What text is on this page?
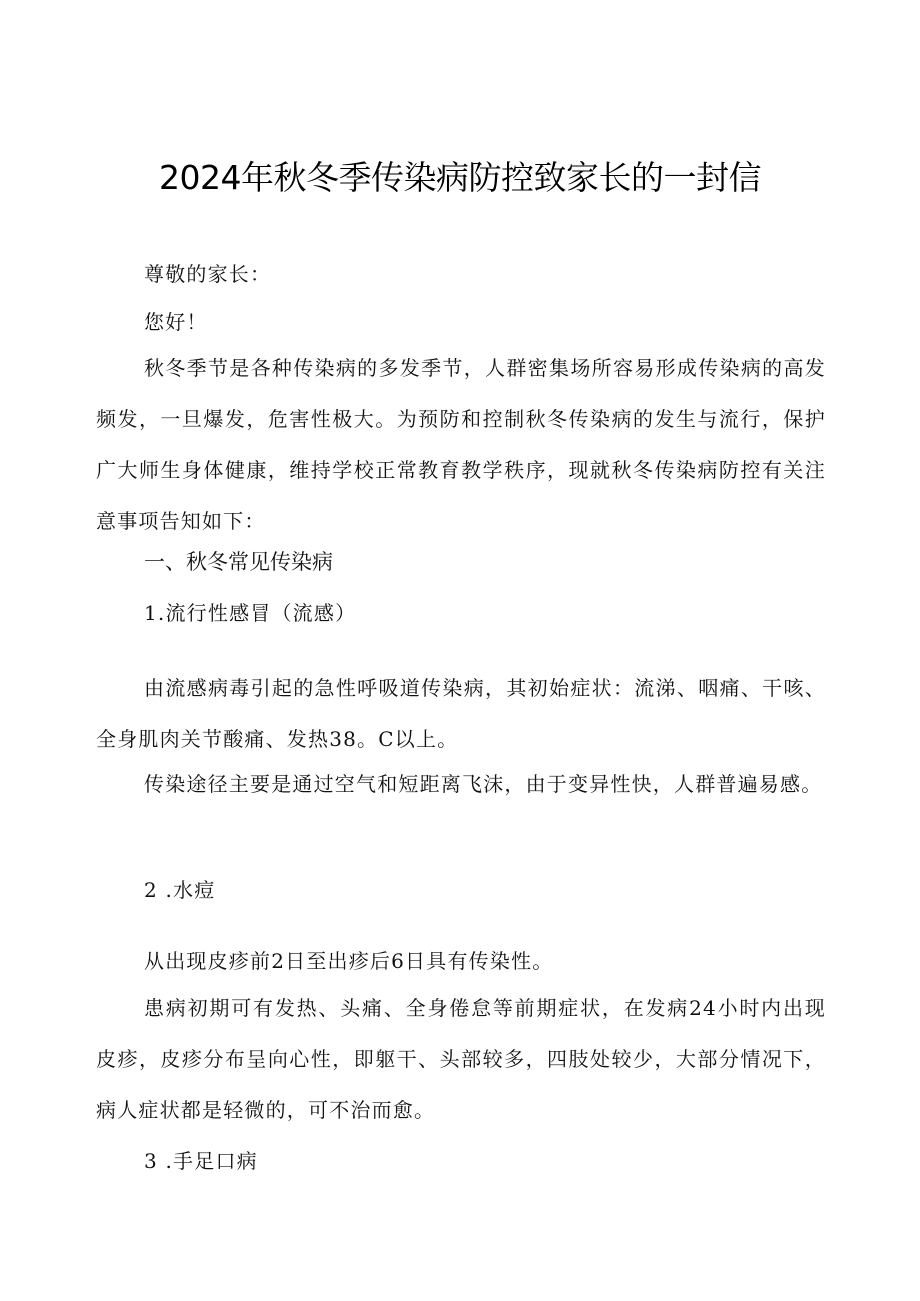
2024年秋冬季传染病防控致家长的一封信
尊敬的家长：
您好！
秋冬季节是各种传染病的多发季节，人群密集场所容易形成传染病的高发频发，一旦爆发，危害性极大。为预防和控制秋冬传染病的发生与流行，保护广大师生身体健康，维持学校正常教育教学秩序，现就秋冬传染病防控有关注意事项告知如下：
一、秋冬常见传染病
1.流行性感冒（流感）
由流感病毒引起的急性呼吸道传染病，其初始症状：流涕、咽痛、干咳、全身肌肉关节酸痛、发热38。C以上。
传染途径主要是通过空气和短距离飞沫，由于变异性快，人群普遍易感。
2 .水痘
从出现皮疹前2日至出疹后6日具有传染性。
患病初期可有发热、头痛、全身倦怠等前期症状，在发病24小时内出现皮疹，皮疹分布呈向心性，即躯干、头部较多，四肢处较少，大部分情况下，病人症状都是轻微的，可不治而愈。
3 .手足口病
